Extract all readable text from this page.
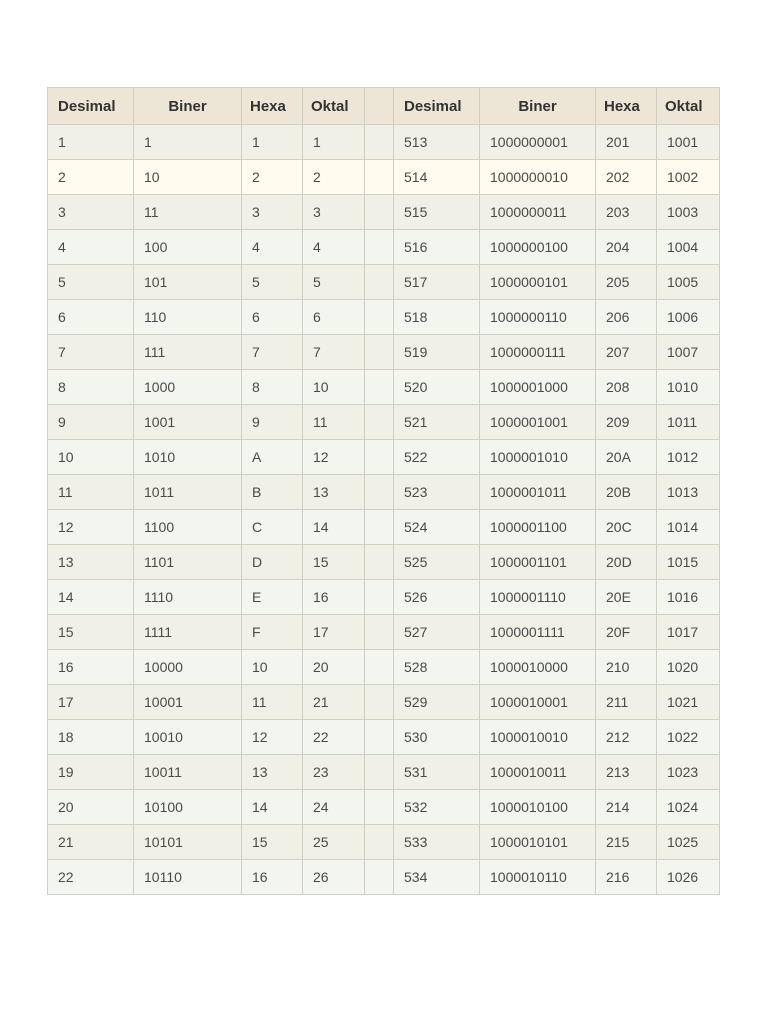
Desimal	Biner	Hexa	Oktal		Desimal	Biner	Hexa	Oktal
1	1	1	1		513	1000000001	201	1001
2	10	2	2		514	1000000010	202	1002
3	11	3	3		515	1000000011	203	1003
4	100	4	4		516	1000000100	204	1004
5	101	5	5		517	1000000101	205	1005
6	110	6	6		518	1000000110	206	1006
7	111	7	7		519	1000000111	207	1007
8	1000	8	10		520	1000001000	208	1010
9	1001	9	11		521	1000001001	209	1011
10	1010	A	12		522	1000001010	20A	1012
11	1011	B	13		523	1000001011	20B	1013
12	1100	C	14		524	1000001100	20C	1014
13	1101	D	15		525	1000001101	20D	1015
14	1110	E	16		526	1000001110	20E	1016
15	1111	F	17		527	1000001111	20F	1017
16	10000	10	20		528	1000010000	210	1020
17	10001	11	21		529	1000010001	211	1021
18	10010	12	22		530	1000010010	212	1022
19	10011	13	23		531	1000010011	213	1023
20	10100	14	24		532	1000010100	214	1024
21	10101	15	25		533	1000010101	215	1025
22	10110	16	26		534	1000010110	216	1026
